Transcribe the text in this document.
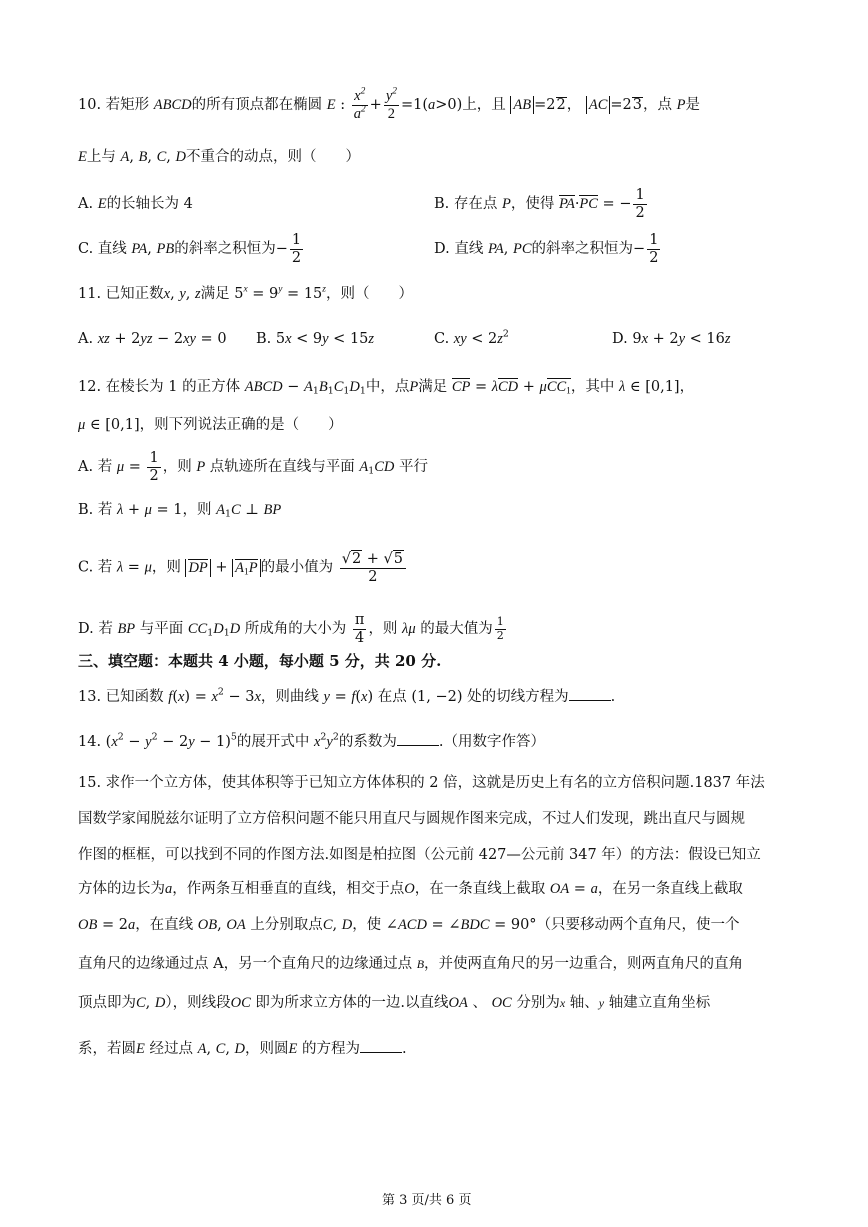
10. 若矩形 ABCD的所有顶点都在椭圆 E : $\frac{x^2}{a^2} + \frac{y^2}{2} =1(a>0)$上，且 AB =22， AC =23，点 P是
E上与 A, B, C, D不重合的动点，则（　　）
A. E的长轴长为 4	B. 存在点 P，使得 PA·PC = − $\frac{1}{2}$
C. 直线 PA, PB的斜率之积恒为− $\frac{1}{2}$	D. 直线 PA, PC的斜率之积恒为− $\frac{1}{2}$
11. 已知正数x, y, z满足 $5^x = 9^y = 15^z$，则（　　）
A. xz + 2yz − 2xy = 0 B. 5x < 9y < 15z	C. xy < $2z^2$	D. 9x + 2y < 16z
12. 在棱长为 1 的正方体 ABCD − $A_1B_1C_1D_1$中，点P满足 CP = λCD + μCC$_1$，其中 λ ∈ [0,1]，
μ ∈ [0,1]，则下列说法正确的是（　　）
A. 若 $\mu = \frac{1}{2}$ ，则 P 点轨迹所在直线与平面 $A_1CD$ 平行
B. 若 λ + μ = 1，则 $A_1C$ ⊥ BP
C. 若 λ = μ，则 DP + $A_1P$ 的最小值为 $\frac{√2 + √5}{2}$
D. 若 BP 与平面 $CC_1D_1D$ 所成角的大小为 $\frac{\pi}{4}$ ，则 λμ 的最大值为 $\frac{1}{2}$
三、填空题：本题共 4 小题，每小题 5 分，共 20 分.
13. 已知函数 $f(x) = x^2 - 3x$，则曲线 y = f(x) 在点 (1, −2) 处的切线方程为	.
14. $(x^2 - y^2 - 2y - 1)^5$的展开式中 $x^2y^2$的系数为	.（用数字作答）
15. 求作一个立方体，使其体积等于已知立方体体积的 2 倍，这就是历史上有名的立方倍积问题.1837 年法
国数学家闻脱兹尔证明了立方倍积问题不能只用直尺与圆规作图来完成，不过人们发现，跳出直尺与圆规
作图的框框，可以找到不同的作图方法.如图是柏拉图（公元前 427—公元前 347 年）的方法：假设已知立
方体的边长为a，作两条互相垂直的直线，相交于点O，在一条直线上截取 OA = a，在另一条直线上截取
OB = 2a，在直线 OB, OA 上分别取点C, D，使 ∠ACD = ∠BDC = 90°（只要移动两个直角尺，使一个
直角尺的边缘通过点 A，另一个直角尺的边缘通过点 B，并使两直角尺的另一边重合，则两直角尺的直角
顶点即为C, D），则线段OC 即为所求立方体的一边.以直线OA 、 OC 分别为x 轴、y 轴建立直角坐标
系，若圆E 经过点 A, C, D，则圆E 的方程为	.
第 3 页/共 6 页
